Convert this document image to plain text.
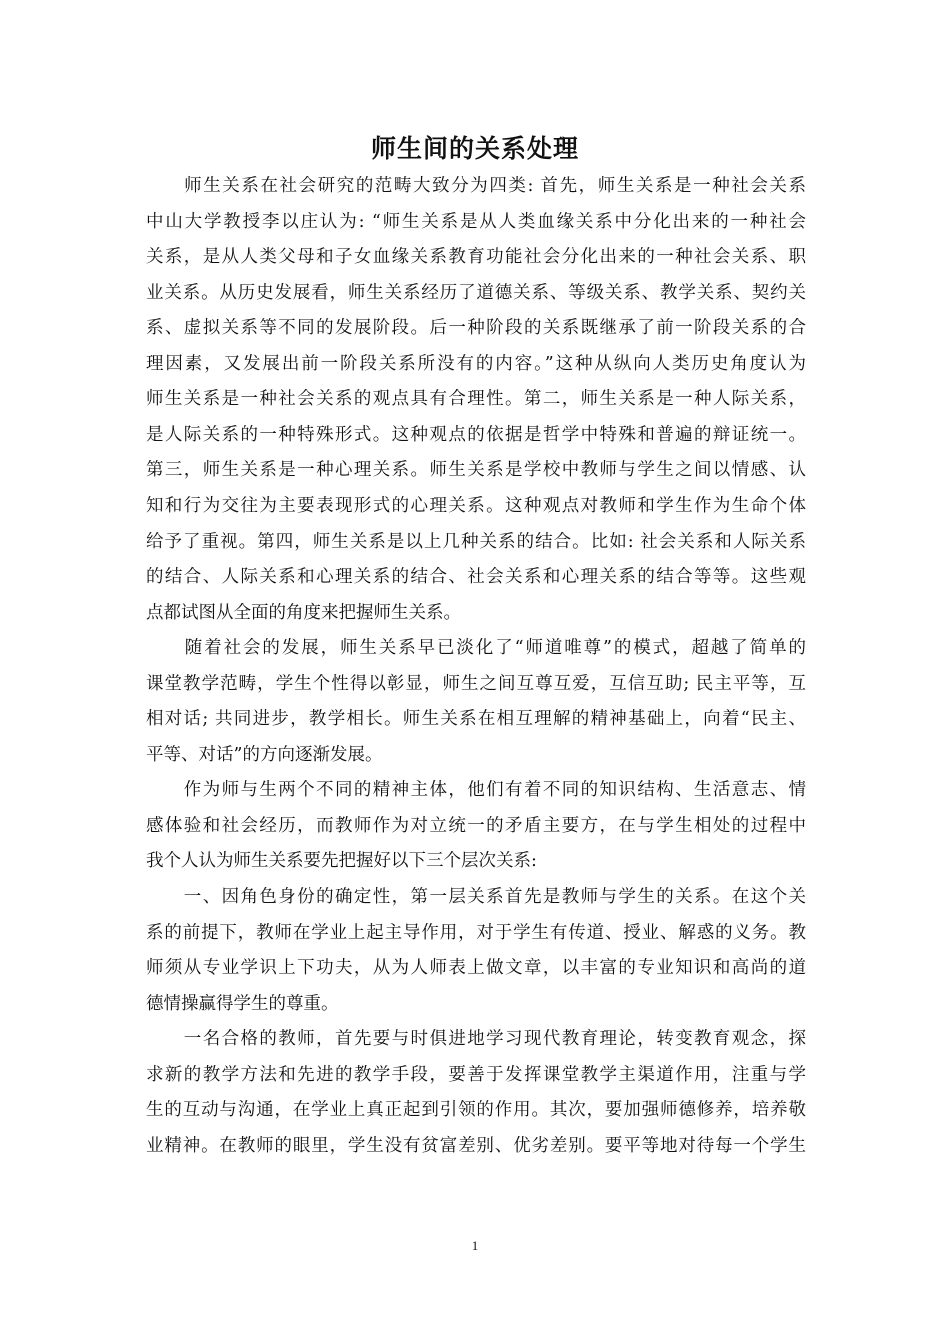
师生间的关系处理
　　师生关系在社会研究的范畴大致分为四类: 首先，师生关系是一种社会关系
中山大学教授李以庄认为: “师生关系是从人类血缘关系中分化出来的一种社会
关系，是从人类父母和子女血缘关系教育功能社会分化出来的一种社会关系、职
业关系。从历史发展看，师生关系经历了道德关系、等级关系、教学关系、契约关
系、虚拟关系等不同的发展阶段。后一种阶段的关系既继承了前一阶段关系的合
理因素，又发展出前一阶段关系所没有的内容。”这种从纵向人类历史角度认为
师生关系是一种社会关系的观点具有合理性。第二，师生关系是一种人际关系，
是人际关系的一种特殊形式。这种观点的依据是哲学中特殊和普遍的辩证统一。
第三，师生关系是一种心理关系。师生关系是学校中教师与学生之间以情感、认
知和行为交往为主要表现形式的心理关系。这种观点对教师和学生作为生命个体
给予了重视。第四，师生关系是以上几种关系的结合。比如: 社会关系和人际关系
的结合、人际关系和心理关系的结合、社会关系和心理关系的结合等等。这些观
点都试图从全面的角度来把握师生关系。
　　随着社会的发展，师生关系早已淡化了“师道唯尊”的模式，超越了简单的
课堂教学范畴，学生个性得以彰显，师生之间互尊互爱，互信互助; 民主平等，互
相对话; 共同进步，教学相长。师生关系在相互理解的精神基础上，向着“民主、
平等、对话”的方向逐渐发展。
　　作为师与生两个不同的精神主体，他们有着不同的知识结构、生活意志、情
感体验和社会经历，而教师作为对立统一的矛盾主要方，在与学生相处的过程中
我个人认为师生关系要先把握好以下三个层次关系:
　　一、因角色身份的确定性，第一层关系首先是教师与学生的关系。在这个关
系的前提下，教师在学业上起主导作用，对于学生有传道、授业、解惑的义务。教
师须从专业学识上下功夫，从为人师表上做文章，以丰富的专业知识和高尚的道
德情操赢得学生的尊重。
　　一名合格的教师，首先要与时俱进地学习现代教育理论，转变教育观念，探
求新的教学方法和先进的教学手段，要善于发挥课堂教学主渠道作用，注重与学
生的互动与沟通，在学业上真正起到引领的作用。其次，要加强师德修养，培养敬
业精神。在教师的眼里，学生没有贫富差别、优劣差别。要平等地对待每一个学生
1
